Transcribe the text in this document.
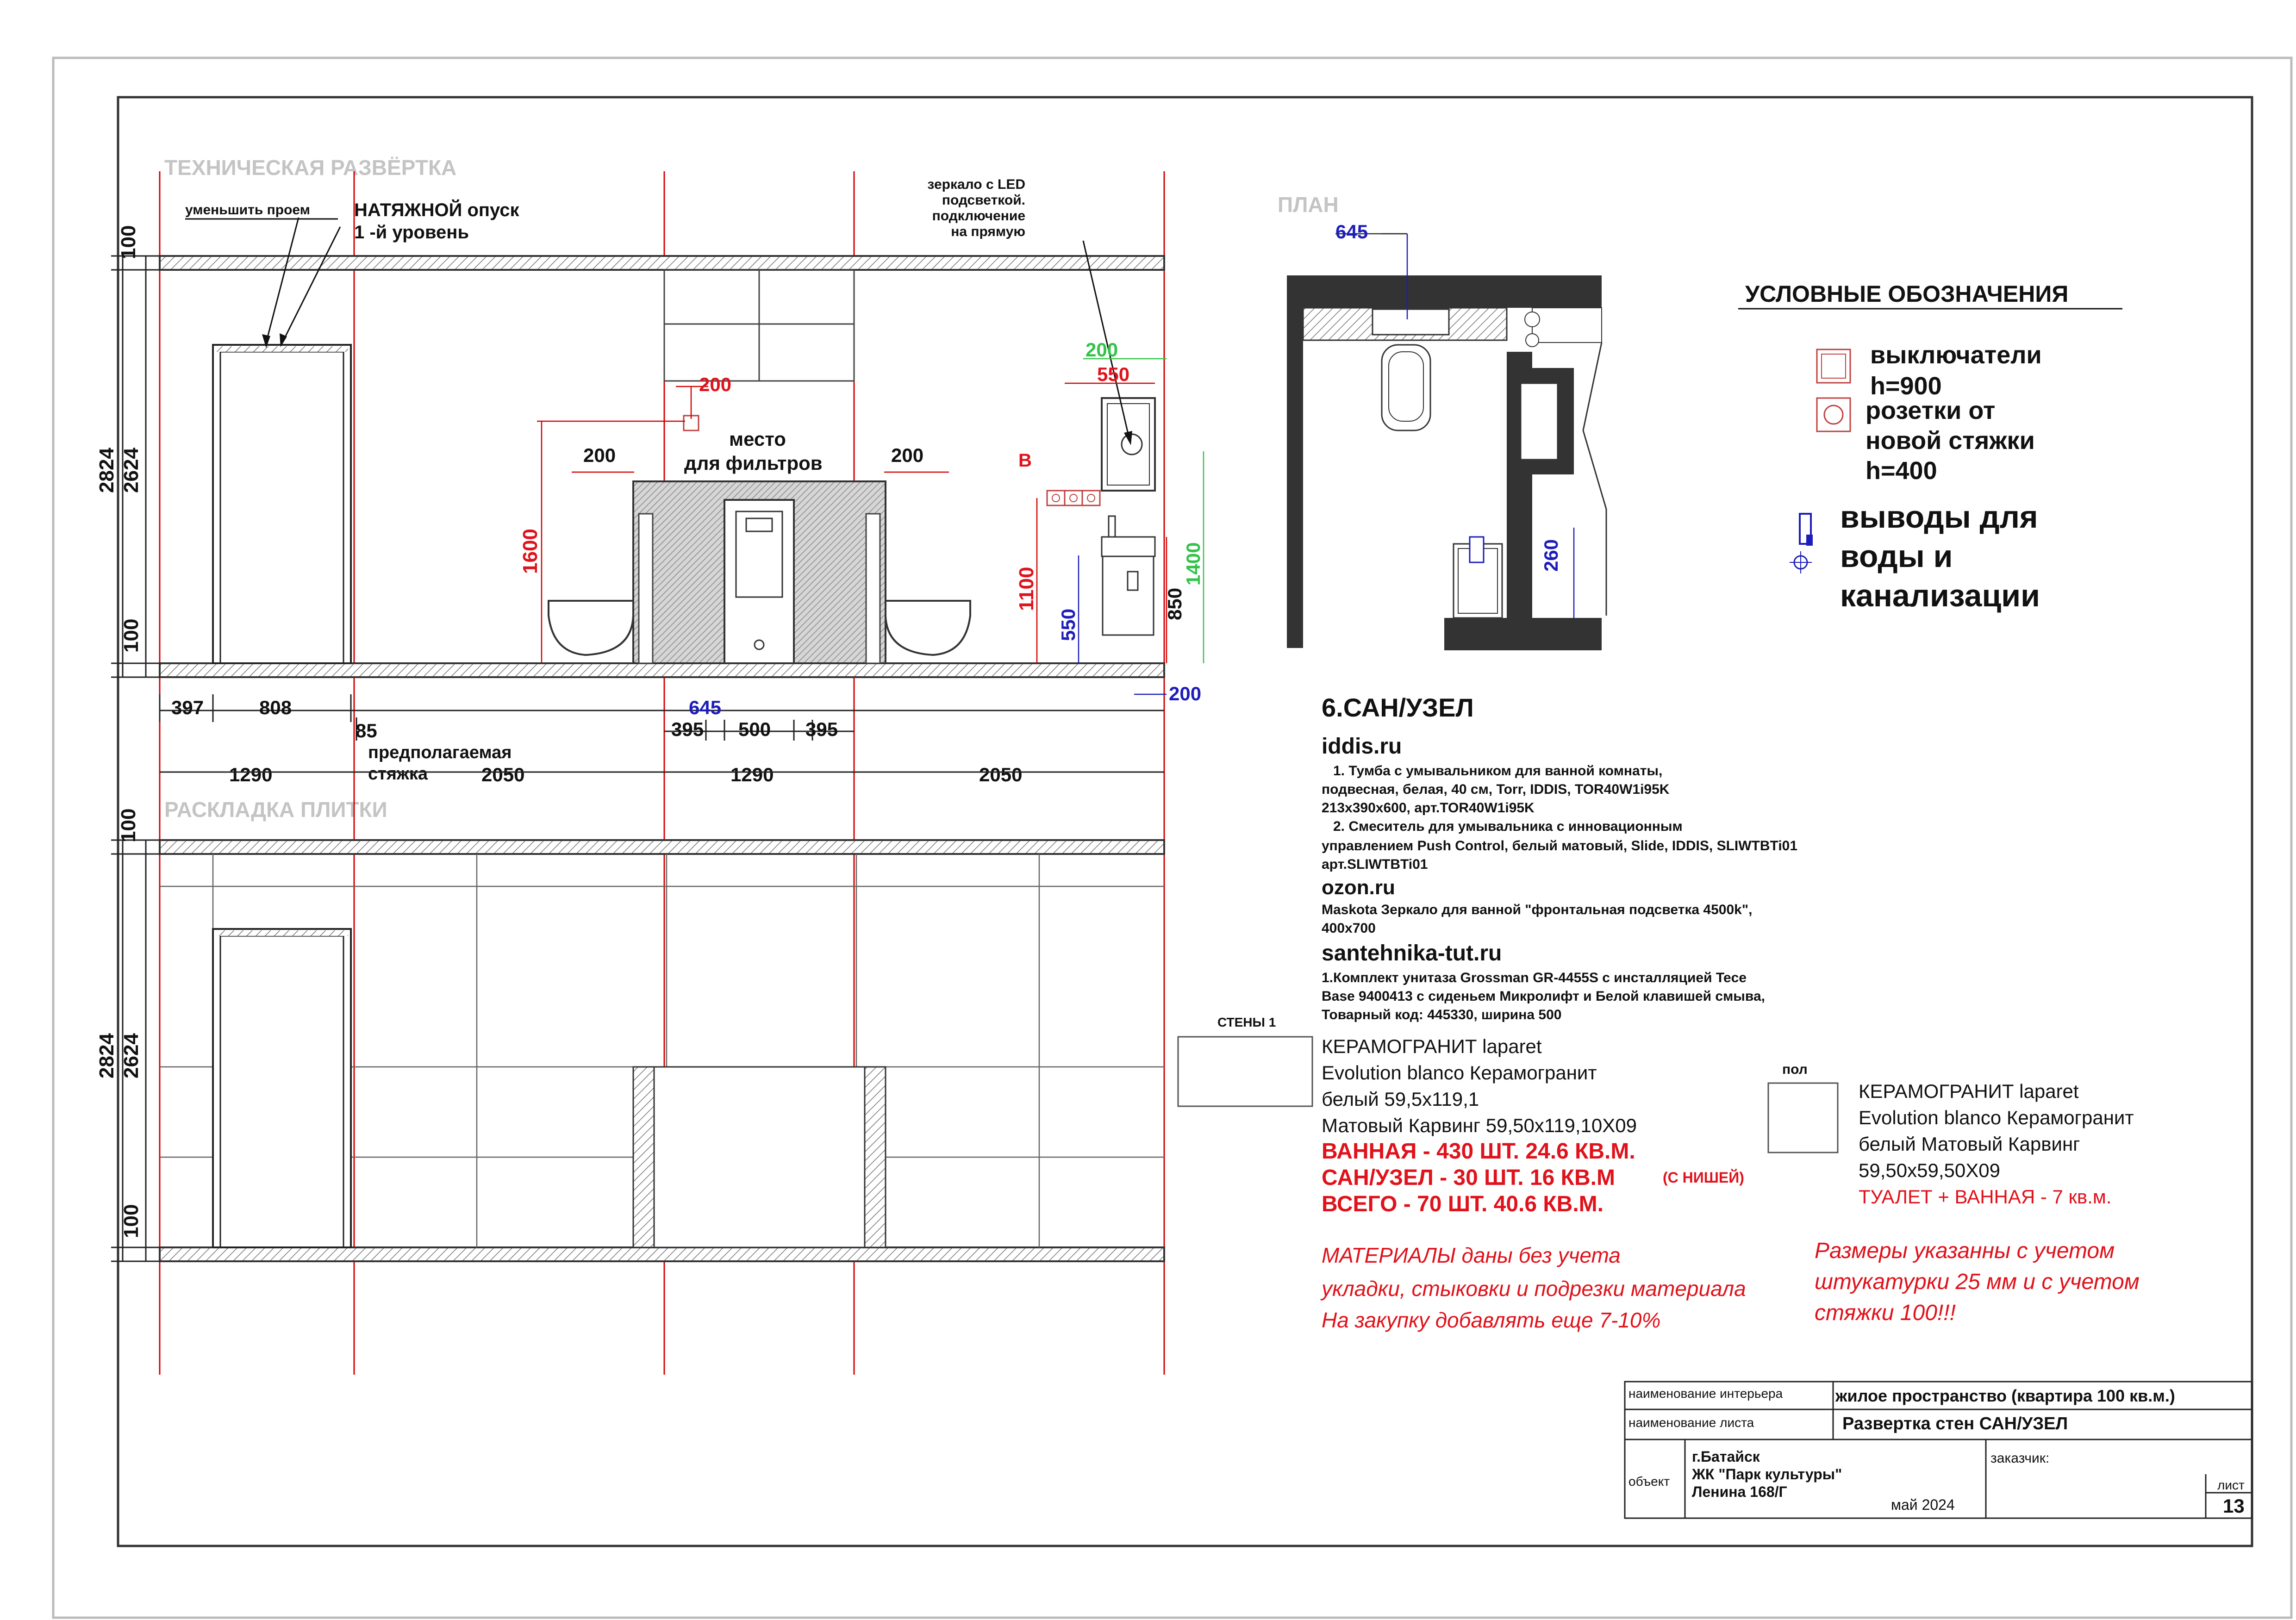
ТЕХНИЧЕСКАЯ РАЗВЁРТКА
РАСКЛАДКА ПЛИТКИ
ПЛАН
уменьшить проем НАТЯЖНОЙ опуск
1 -й уровень
место
для фильтров
зеркало с LED
подсветкой.
подключение
на прямую
предполагаемая
стяжка
В
100
2824 2624
100
200
200	200
1600
200
550
1100
550
850
1400
200
397	808
85
645
395 500 395
1290	2050	1290	2050
100
2824 2624
100
645
260
УСЛОВНЫЕ ОБОЗНАЧЕНИЯ
выключатели
h=900
розетки от
новой стяжки
h=400
выводы для
воды и
канализации
6.САН/УЗЕЛ
iddis.ru
1. Тумба с умывальником для ванной комнаты,
подвесная, белая, 40 см, Torr, IDDIS, TOR40W1i95K
213х390х600, арт.TOR40W1i95K
2. Смеситель для умывальника с инновационным
управлением Push Control, белый матовый, Slide, IDDIS, SLIWTBTi01
арт.SLIWTBTi01
ozon.ru
Maskota Зеркало для ванной "фронтальная подсветка 4500k",
400х700
santehnika-tut.ru
1.Комплект унитаза Grossman GR-4455S с инсталляцией Tece
Base 9400413 с сиденьем Микролифт и Белой клавишей смыва,
Товарный код: 445330, ширина 500
СТЕНЫ 1
КЕРАМОГРАНИТ laparet
Evolution blanco Керамогранит
белый 59,5х119,1
Матовый Карвинг 59,50х119,10Х09
ВАННАЯ - 430 ШТ. 24.6 КВ.М.
САН/УЗЕЛ - 30 ШТ. 16 КВ.М	(С НИШЕЙ)
ВСЕГО - 70 ШТ. 40.6 КВ.М.
пол
КЕРАМОГРАНИТ laparet
Evolution blanco Керамогранит
белый Матовый Карвинг
59,50х59,50Х09
ТУАЛЕТ + ВАННАЯ - 7 кв.м.
МАТЕРИАЛЫ даны без учета
укладки, стыковки и подрезки материала
На закупку добавлять еще 7-10%
Размеры указанны с учетом
штукатурки 25 мм и с учетом
стяжки 100!!!
наименование интерьера	жилое пространство (квартира 100 кв.м.)
наименование листа	Развертка стен САН/УЗЕЛ
объект
г.Батайск
ЖК "Парк культуры"
Ленина 168/Г
май 2024
заказчик:
лист
13
